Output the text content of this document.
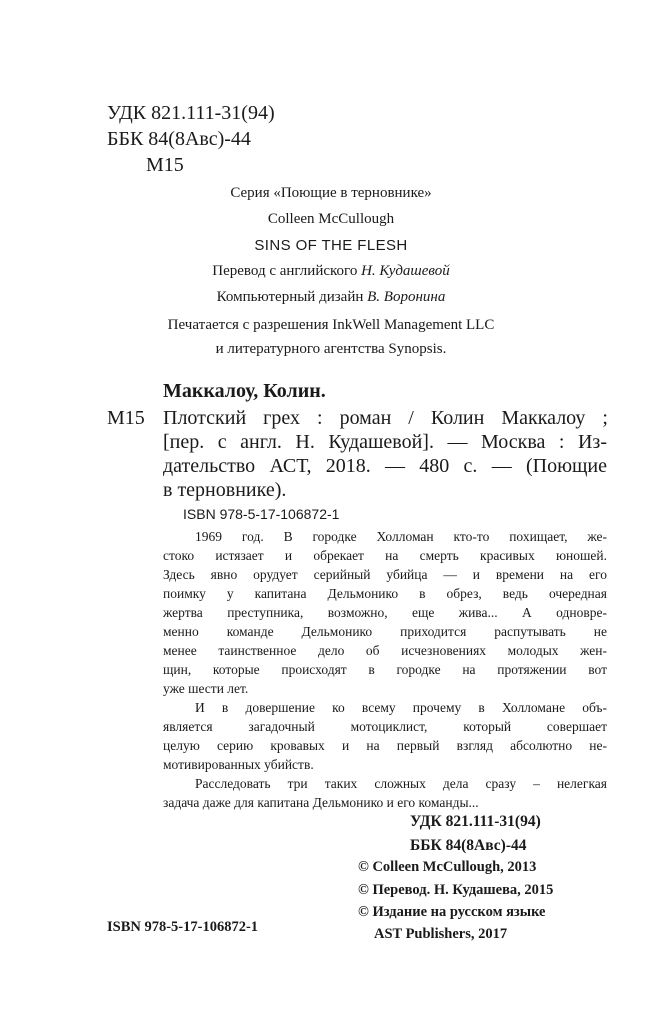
УДК 821.111-31(94)
ББК 84(8Авс)-44
М15
Серия «Поющие в терновнике»
Colleen McCullough
SINS OF THE FLESH
Перевод с английского Н. Кудашевой
Компьютерный дизайн В. Воронина
Печатается с разрешения InkWell Management LLC
и литературного агентства Synopsis.
Маккалоу, Колин.
М15 Плотский грех : роман / Колин Маккалоу ;
[пер. с англ. Н. Кудашевой]. — Москва : Из-
дательство АСТ, 2018. — 480 с. — (Поющие
в терновнике).
ISBN 978-5-17-106872-1
1969 год. В городке Холломан кто-то похищает, же-
стоко истязает и обрекает на смерть красивых юношей.
Здесь явно орудует серийный убийца — и времени на его
поимку у капитана Дельмонико в обрез, ведь очередная
жертва преступника, возможно, еще жива... А одновре-
менно команде Дельмонико приходится распутывать не
менее таинственное дело об исчезновениях молодых жен-
щин, которые происходят в городке на протяжении вот
уже шести лет.
И в довершение ко всему прочему в Холломане объ-
является загадочный мотоциклист, который совершает
целую серию кровавых и на первый взгляд абсолютно не-
мотивированных убийств.
Расследовать три таких сложных дела сразу – нелегкая
задача даже для капитана Дельмонико и его команды...
УДК 821.111-31(94)
ББК 84(8Авс)-44
© Colleen McCullough, 2013
© Перевод. Н. Кудашева, 2015
© Издание на русском языке
AST Publishers, 2017
ISBN 978-5-17-106872-1
